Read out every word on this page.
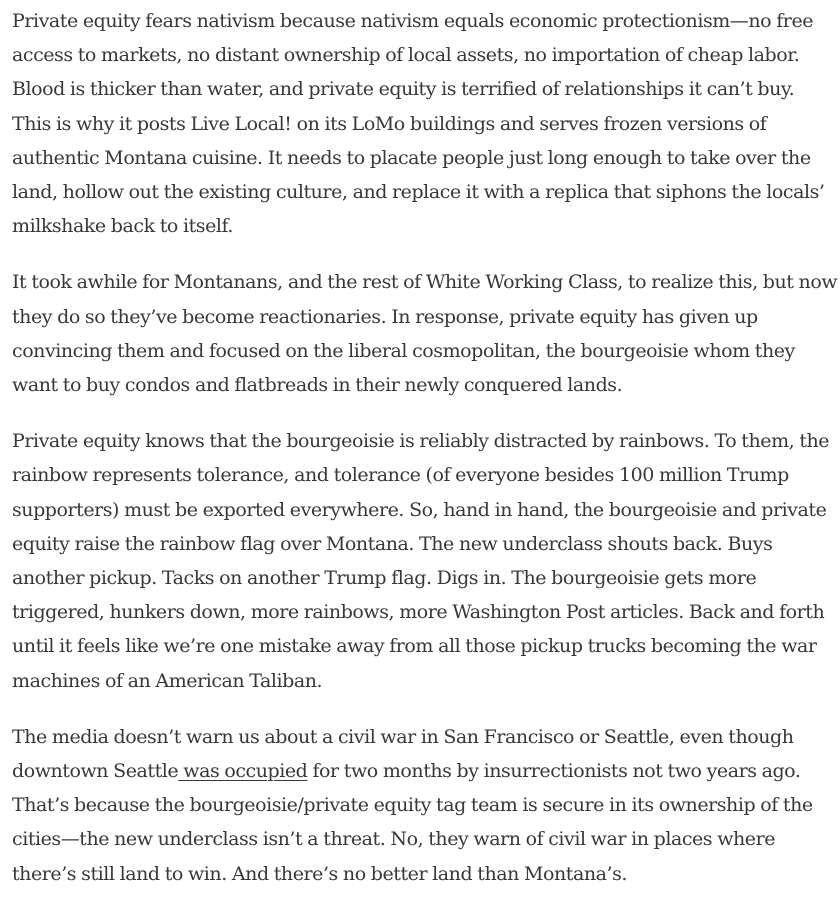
Private equity fears nativism because nativism equals economic protectionism—no free access to markets, no distant ownership of local assets, no importation of cheap labor. Blood is thicker than water, and private equity is terrified of relationships it can’t buy. This is why it posts Live Local! on its LoMo buildings and serves frozen versions of authentic Montana cuisine. It needs to placate people just long enough to take over the land, hollow out the existing culture, and replace it with a replica that siphons the locals’ milkshake back to itself.

It took awhile for Montanans, and the rest of White Working Class, to realize this, but now they do so they’ve become reactionaries. In response, private equity has given up convincing them and focused on the liberal cosmopolitan, the bourgeoisie whom they want to buy condos and flatbreads in their newly conquered lands.

Private equity knows that the bourgeoisie is reliably distracted by rainbows. To them, the rainbow represents tolerance, and tolerance (of everyone besides 100 million Trump supporters) must be exported everywhere. So, hand in hand, the bourgeoisie and private equity raise the rainbow flag over Montana. The new underclass shouts back. Buys another pickup. Tacks on another Trump flag. Digs in. The bourgeoisie gets more triggered, hunkers down, more rainbows, more Washington Post articles. Back and forth until it feels like we’re one mistake away from all those pickup trucks becoming the war machines of an American Taliban.

The media doesn’t warn us about a civil war in San Francisco or Seattle, even though downtown Seattle was occupied for two months by insurrectionists not two years ago. That’s because the bourgeoisie/private equity tag team is secure in its ownership of the cities—the new underclass isn’t a threat. No, they warn of civil war in places where there’s still land to win. And there’s no better land than Montana’s.
